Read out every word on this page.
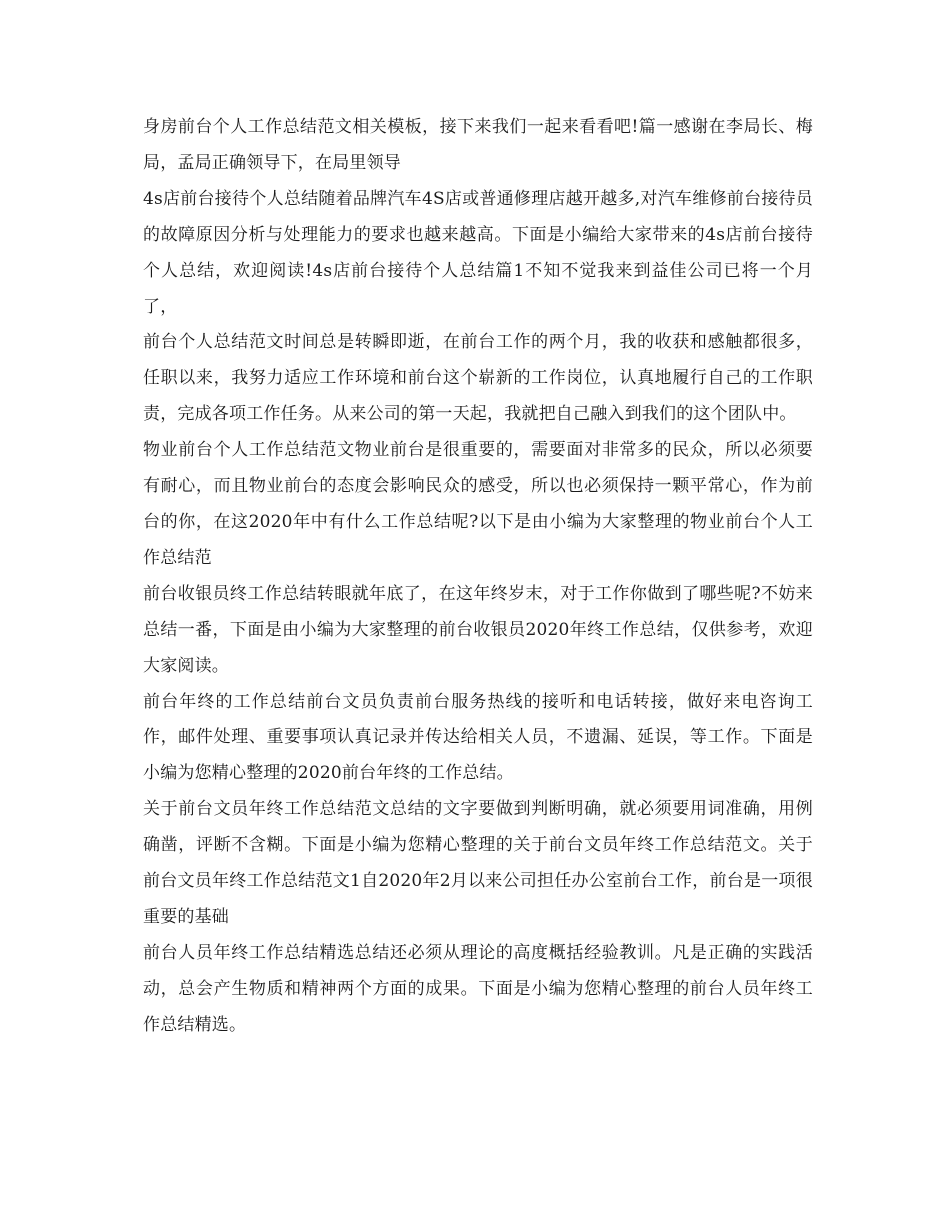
身房前台个人工作总结范文相关模板，接下来我们一起来看看吧!篇一感谢在李局长、梅局，孟局正确领导下，在局里领导

4s店前台接待个人总结随着品牌汽车4S店或普通修理店越开越多,对汽车维修前台接待员的故障原因分析与处理能力的要求也越来越高。下面是小编给大家带来的4s店前台接待个人总结，欢迎阅读!4s店前台接待个人总结篇1不知不觉我来到益佳公司已将一个月了，

前台个人总结范文时间总是转瞬即逝，在前台工作的两个月，我的收获和感触都很多，任职以来，我努力适应工作环境和前台这个崭新的工作岗位，认真地履行自己的工作职责，完成各项工作任务。从来公司的第一天起，我就把自己融入到我们的这个团队中。

物业前台个人工作总结范文物业前台是很重要的，需要面对非常多的民众，所以必须要有耐心，而且物业前台的态度会影响民众的感受，所以也必须保持一颗平常心，作为前台的你，在这2020年中有什么工作总结呢?以下是由小编为大家整理的物业前台个人工作总结范

前台收银员终工作总结转眼就年底了，在这年终岁末，对于工作你做到了哪些呢?不妨来总结一番，下面是由小编为大家整理的前台收银员2020年终工作总结，仅供参考，欢迎大家阅读。

前台年终的工作总结前台文员负责前台服务热线的接听和电话转接，做好来电咨询工作，邮件处理、重要事项认真记录并传达给相关人员，不遗漏、延误，等工作。下面是小编为您精心整理的2020前台年终的工作总结。

关于前台文员年终工作总结范文总结的文字要做到判断明确，就必须要用词准确，用例确凿，评断不含糊。下面是小编为您精心整理的关于前台文员年终工作总结范文。关于前台文员年终工作总结范文1自2020年2月以来公司担任办公室前台工作，前台是一项很重要的基础

前台人员年终工作总结精选总结还必须从理论的高度概括经验教训。凡是正确的实践活动，总会产生物质和精神两个方面的成果。下面是小编为您精心整理的前台人员年终工作总结精选。
